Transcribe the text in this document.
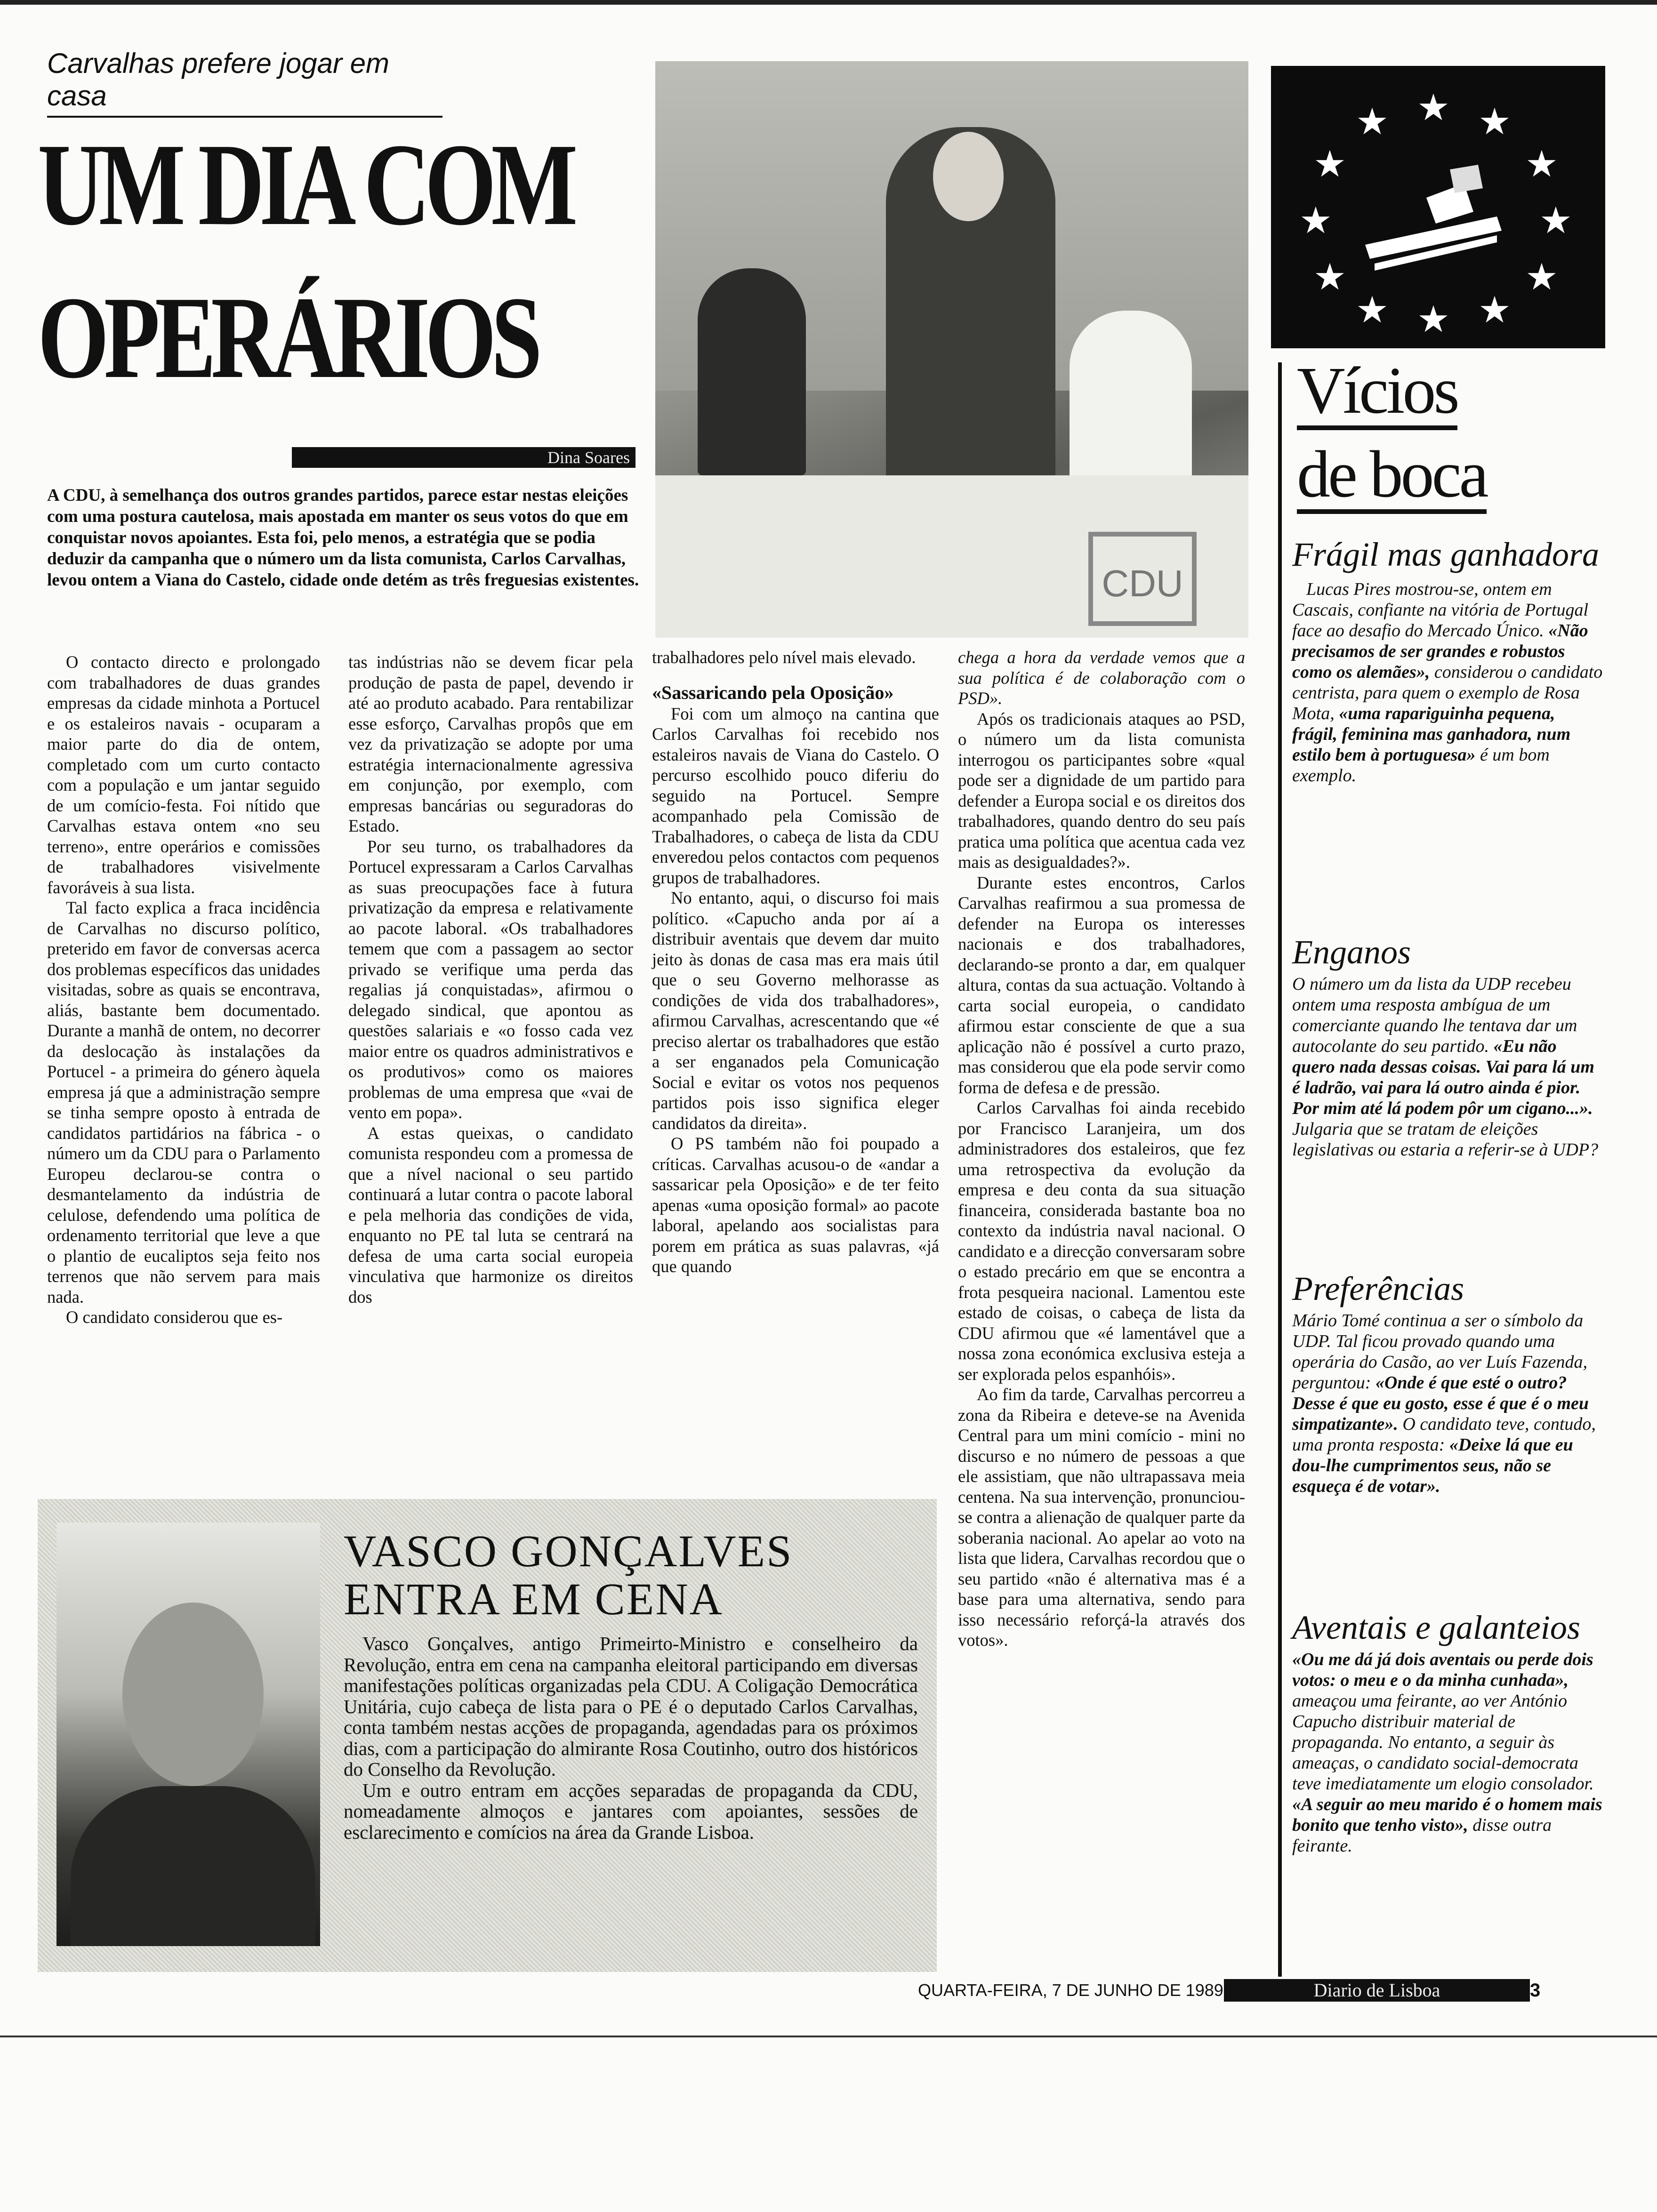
Carvalhas prefere jogar em casa
UM DIA COM
OPERÁRIOS
Dina Soares
A CDU, à semelhança dos outros grandes partidos, parece estar nestas eleições com uma postura cautelosa, mais apostada em manter os seus votos do que em conquistar novos apoiantes. Esta foi, pelo menos, a estratégia que se podia deduzir da campanha que o número um da lista comunista, Carlos Carvalhas, levou ontem a Viana do Castelo, cidade onde detém as três freguesias existentes.	CDU
★ ★
★
★
★
★
★
★
★
★
★ ★
Vícios
de boca

O contacto directo e prolongado com trabalhadores de duas grandes empresas da cidade minhota a Portucel e os estaleiros navais - ocuparam a maior parte do dia de ontem, completado com um curto contacto com a população e um jantar seguido de um comício-festa. Foi nítido que Carvalhas estava ontem «no seu terreno», entre operários e comissões de trabalhadores visivelmente favoráveis à sua lista.

Tal facto explica a fraca incidência de Carvalhas no discurso político, preterido em favor de conversas acerca dos problemas específicos das unidades visitadas, sobre as quais se encontrava, aliás, bastante bem documentado. Durante a manhã de ontem, no decorrer da deslocação às instalações da Portucel - a primeira do género àquela empresa já que a administração sempre se tinha sempre oposto à entrada de candidatos partidários na fábrica - o número um da CDU para o Parlamento Europeu declarou-se contra o desmantelamento da indústria de celulose, defendendo uma política de ordenamento territorial que leve a que o plantio de eucaliptos seja feito nos terrenos que não servem para mais nada.

O candidato considerou que es-

tas indústrias não se devem ficar pela produção de pasta de papel, devendo ir até ao produto acabado. Para rentabilizar esse esforço, Carvalhas propôs que em vez da privatização se adopte por uma estratégia internacionalmente agressiva em conjunção, por exemplo, com empresas bancárias ou seguradoras do Estado.

Por seu turno, os trabalhadores da Portucel expressaram a Carlos Carvalhas as suas preocupações face à futura privatização da empresa e relativamente ao pacote laboral. «Os trabalhadores temem que com a passagem ao sector privado se verifique uma perda das regalias já conquistadas», afirmou o delegado sindical, que apontou as questões salariais e «o fosso cada vez maior entre os quadros administrativos e os produtivos» como os maiores problemas de uma empresa que «vai de vento em popa».

A estas queixas, o candidato comunista respondeu com a promessa de que a nível nacional o seu partido continuará a lutar contra o pacote laboral e pela melhoria das condições de vida, enquanto no PE tal luta se centrará na defesa de uma carta social europeia vinculativa que harmonize os direitos dos

trabalhadores pelo nível mais elevado.

«Sassaricando pela Oposição»

Foi com um almoço na cantina que Carlos Carvalhas foi recebido nos estaleiros navais de Viana do Castelo. O percurso escolhido pouco diferiu do seguido na Portucel. Sempre acompanhado pela Comissão de Trabalhadores, o cabeça de lista da CDU enveredou pelos contactos com pequenos grupos de trabalhadores.

No entanto, aqui, o discurso foi mais político. «Capucho anda por aí a distribuir aventais que devem dar muito jeito às donas de casa mas era mais útil que o seu Governo melhorasse as condições de vida dos trabalhadores», afirmou Carvalhas, acrescentando que «é preciso alertar os trabalhadores que estão a ser enganados pela Comunicação Social e evitar os votos nos pequenos partidos pois isso significa eleger candidatos da direita».

O PS também não foi poupado a críticas. Carvalhas acusou-o de «andar a sassaricar pela Oposição» e de ter feito apenas «uma oposição formal» ao pacote laboral, apelando aos socialistas para porem em prática as suas palavras, «já que quando

chega a hora da verdade vemos que a sua política é de colaboração com o PSD».

Após os tradicionais ataques ao PSD, o número um da lista comunista interrogou os participantes sobre «qual pode ser a dignidade de um partido para defender a Europa social e os direitos dos trabalhadores, quando dentro do seu país pratica uma política que acentua cada vez mais as desigualdades?».

Durante estes encontros, Carlos Carvalhas reafirmou a sua promessa de defender na Europa os interesses nacionais e dos trabalhadores, declarando-se pronto a dar, em qualquer altura, contas da sua actuação. Voltando à carta social europeia, o candidato afirmou estar consciente de que a sua aplicação não é possível a curto prazo, mas considerou que ela pode servir como forma de defesa e de pressão.

Carlos Carvalhas foi ainda recebido por Francisco Laranjeira, um dos administradores dos estaleiros, que fez uma retrospectiva da evolução da empresa e deu conta da sua situação financeira, considerada bastante boa no contexto da indústria naval nacional. O candidato e a direcção conversaram sobre o estado precário em que se encontra a frota pesqueira nacional. Lamentou este estado de coisas, o cabeça de lista da CDU afirmou que «é lamentável que a nossa zona económica exclusiva esteja a ser explorada pelos espanhóis».

Ao fim da tarde, Carvalhas percorreu a zona da Ribeira e deteve-se na Avenida Central para um mini comício - mini no discurso e no número de pessoas a que ele assistiam, que não ultrapassava meia centena. Na sua intervenção, pronunciou-se contra a alienação de qualquer parte da soberania nacional. Ao apelar ao voto na lista que lidera, Carvalhas recordou que o seu partido «não é alternativa mas é a base para uma alternativa, sendo para isso necessário reforçá-la através dos votos».

VASCO GONÇALVES
ENTRA EM CENA

Vasco Gonçalves, antigo Primeirto-Ministro e conselheiro da Revolução, entra em cena na campanha eleitoral participando em diversas manifestações políticas organizadas pela CDU. A Coligação Democrática Unitária, cujo cabeça de lista para o PE é o deputado Carlos Carvalhas, conta também nestas acções de propaganda, agendadas para os próximos dias, com a participação do almirante Rosa Coutinho, outro dos históricos do Conselho da Revolução.

Um e outro entram em acções separadas de propaganda da CDU, nomeadamente almoços e jantares com apoiantes, sessões de esclarecimento e comícios na área da Grande Lisboa.

Frágil mas ganhadora
Lucas Pires mostrou-se, ontem em Cascais, confiante na vitória de Portugal face ao desafio do Mercado Único. «Não precisamos de ser grandes e robustos como os alemães», considerou o candidato centrista, para quem o exemplo de Rosa Mota, «uma rapariguinha pequena, frágil, feminina mas ganhadora, num estilo bem à portuguesa» é um bom exemplo.
Enganos
O número um da lista da UDP recebeu ontem uma resposta ambígua de um comerciante quando lhe tentava dar um autocolante do seu partido. «Eu não quero nada dessas coisas. Vai para lá um é ladrão, vai para lá outro ainda é pior. Por mim até lá podem pôr um cigano...». Julgaria que se tratam de eleições legislativas ou estaria a referir-se à UDP?
Preferências
Mário Tomé continua a ser o símbolo da UDP. Tal ficou provado quando uma operária do Casão, ao ver Luís Fazenda, perguntou: «Onde é que esté o outro? Desse é que eu gosto, esse é que é o meu simpatizante». O candidato teve, contudo, uma pronta resposta: «Deixe lá que eu dou-lhe cumprimentos seus, não se esqueça é de votar».
Aventais e galanteios
«Ou me dá já dois aventais ou perde dois votos: o meu e o da minha cunhada», ameaçou uma feirante, ao ver António Capucho distribuir material de propaganda. No entanto, a seguir às ameaças, o candidato social-democrata teve imediatamente um elogio consolador. «A seguir ao meu marido é o homem mais bonito que tenho visto», disse outra feirante.
QUARTA-FEIRA, 7 DE JUNHO DE 1989	Diario de Lisboa	3
